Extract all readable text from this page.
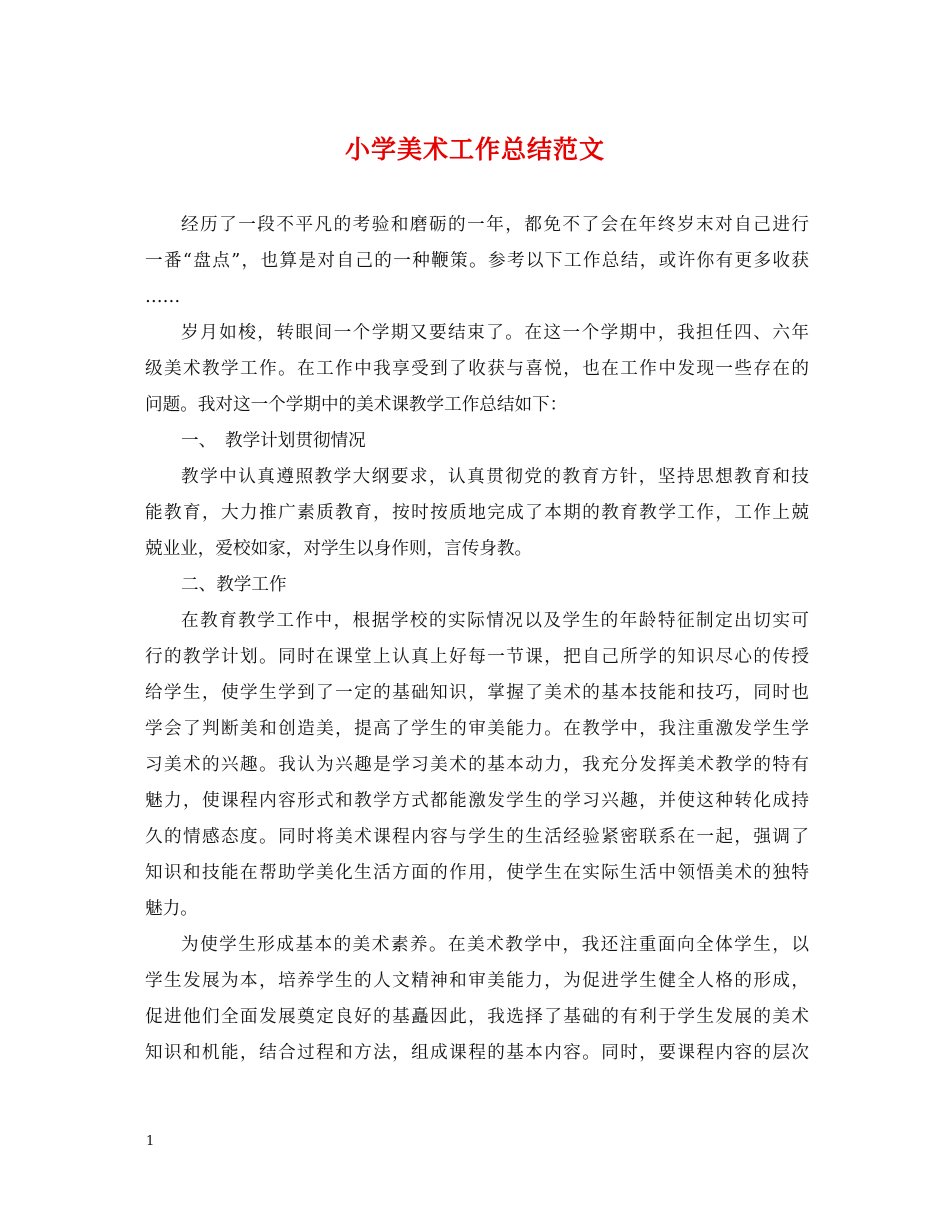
小学美术工作总结范文
经历了一段不平凡的考验和磨砺的一年，都免不了会在年终岁末对自己进行
一番“盘点”，也算是对自己的一种鞭策。参考以下工作总结，或许你有更多收获
……
岁月如梭，转眼间一个学期又要结束了。在这一个学期中，我担任四、六年
级美术教学工作。在工作中我享受到了收获与喜悦，也在工作中发现一些存在的
问题。我对这一个学期中的美术课教学工作总结如下：
一、　教学计划贯彻情况
教学中认真遵照教学大纲要求，认真贯彻党的教育方针，坚持思想教育和技
能教育，大力推广素质教育，按时按质地完成了本期的教育教学工作，工作上兢
兢业业，爱校如家，对学生以身作则，言传身教。
二、教学工作
在教育教学工作中，根据学校的实际情况以及学生的年龄特征制定出切实可
行的教学计划。同时在课堂上认真上好每一节课，把自己所学的知识尽心的传授
给学生，使学生学到了一定的基础知识，掌握了美术的基本技能和技巧，同时也
学会了判断美和创造美，提高了学生的审美能力。在教学中，我注重激发学生学
习美术的兴趣。我认为兴趣是学习美术的基本动力，我充分发挥美术教学的特有
魅力，使课程内容形式和教学方式都能激发学生的学习兴趣，并使这种转化成持
久的情感态度。同时将美术课程内容与学生的生活经验紧密联系在一起，强调了
知识和技能在帮助学美化生活方面的作用，使学生在实际生活中领悟美术的独特
魅力。
为使学生形成基本的美术素养。在美术教学中，我还注重面向全体学生，以
学生发展为本，培养学生的人文精神和审美能力，为促进学生健全人格的形成，
促进他们全面发展奠定良好的基矗因此，我选择了基础的有利于学生发展的美术
知识和机能，结合过程和方法，组成课程的基本内容。同时，要课程内容的层次
1
